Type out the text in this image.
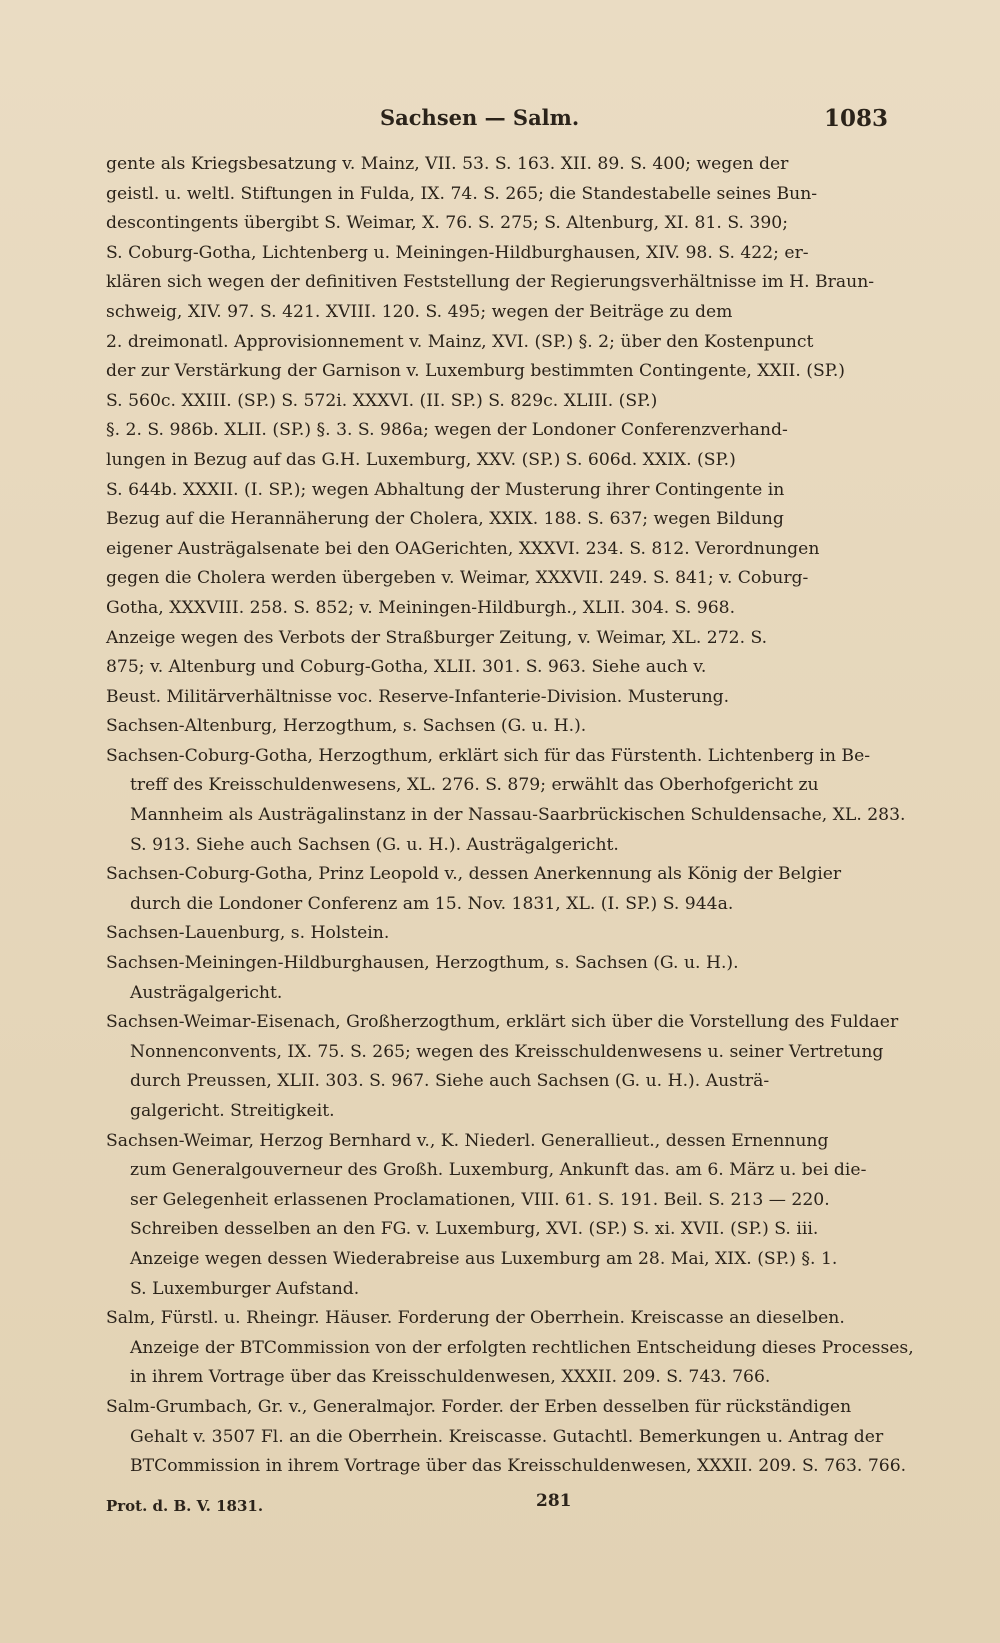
Sachsen — Salm.	1083
gente als Kriegsbesatzung v. Mainz, VII. 53. S. 163. XII. 89. S. 400; wegen der
geistl. u. weltl. Stiftungen in Fulda, IX. 74. S. 265; die Standestabelle seines Bun-
descontingents übergibt S. Weimar, X. 76. S. 275; S. Altenburg, XI. 81. S. 390;
S. Coburg-Gotha, Lichtenberg u. Meiningen-Hildburghausen, XIV. 98. S. 422; er-
klären sich wegen der definitiven Feststellung der Regierungsverhältnisse im H. Braun-
schweig, XIV. 97. S. 421. XVIII. 120. S. 495; wegen der Beiträge zu dem
2. dreimonatl. Approvisionnement v. Mainz, XVI. (SP.) §. 2; über den Kostenpunct
der zur Verstärkung der Garnison v. Luxemburg bestimmten Contingente, XXII. (SP.)
S. 560c. XXIII. (SP.) S. 572i. XXXVI. (II. SP.) S. 829c. XLIII. (SP.)
§. 2. S. 986b. XLII. (SP.) §. 3. S. 986a; wegen der Londoner Conferenzverhand-
lungen in Bezug auf das G.H. Luxemburg, XXV. (SP.) S. 606d. XXIX. (SP.)
S. 644b. XXXII. (I. SP.); wegen Abhaltung der Musterung ihrer Contingente in
Bezug auf die Herannäherung der Cholera, XXIX. 188. S. 637; wegen Bildung
eigener Austrägalsenate bei den OAGerichten, XXXVI. 234. S. 812. Verordnungen
gegen die Cholera werden übergeben v. Weimar, XXXVII. 249. S. 841; v. Coburg-
Gotha, XXXVIII. 258. S. 852; v. Meiningen-Hildburgh., XLII. 304. S. 968.
Anzeige wegen des Verbots der Straßburger Zeitung, v. Weimar, XL. 272. S.
875; v. Altenburg und Coburg-Gotha, XLII. 301. S. 963. Siehe auch v.
Beust. Militärverhältnisse voc. Reserve-Infanterie-Division. Musterung.
Sachsen-Altenburg, Herzogthum, s. Sachsen (G. u. H.).
Sachsen-Coburg-Gotha, Herzogthum, erklärt sich für das Fürstenth. Lichtenberg in Be-
treff des Kreisschuldenwesens, XL. 276. S. 879; erwählt das Oberhofgericht zu
Mannheim als Austrägalinstanz in der Nassau-Saarbrückischen Schuldensache, XL. 283.
S. 913. Siehe auch Sachsen (G. u. H.). Austrägalgericht.
Sachsen-Coburg-Gotha, Prinz Leopold v., dessen Anerkennung als König der Belgier
durch die Londoner Conferenz am 15. Nov. 1831, XL. (I. SP.) S. 944a.
Sachsen-Lauenburg, s. Holstein.
Sachsen-Meiningen-Hildburghausen, Herzogthum, s. Sachsen (G. u. H.).
Austrägalgericht.
Sachsen-Weimar-Eisenach, Großherzogthum, erklärt sich über die Vorstellung des Fuldaer
Nonnenconvents, IX. 75. S. 265; wegen des Kreisschuldenwesens u. seiner Vertretung
durch Preussen, XLII. 303. S. 967. Siehe auch Sachsen (G. u. H.). Austrä-
galgericht. Streitigkeit.
Sachsen-Weimar, Herzog Bernhard v., K. Niederl. Generallieut., dessen Ernennung
zum Generalgouverneur des Großh. Luxemburg, Ankunft das. am 6. März u. bei die-
ser Gelegenheit erlassenen Proclamationen, VIII. 61. S. 191. Beil. S. 213 — 220.
Schreiben desselben an den FG. v. Luxemburg, XVI. (SP.) S. xi. XVII. (SP.) S. iii.
Anzeige wegen dessen Wiederabreise aus Luxemburg am 28. Mai, XIX. (SP.) §. 1.
S. Luxemburger Aufstand.
Salm, Fürstl. u. Rheingr. Häuser. Forderung der Oberrhein. Kreiscasse an dieselben.
Anzeige der BTCommission von der erfolgten rechtlichen Entscheidung dieses Processes,
in ihrem Vortrage über das Kreisschuldenwesen, XXXII. 209. S. 743. 766.
Salm-Grumbach, Gr. v., Generalmajor. Forder. der Erben desselben für rückständigen
Gehalt v. 3507 Fl. an die Oberrhein. Kreiscasse. Gutachtl. Bemerkungen u. Antrag der
BTCommission in ihrem Vortrage über das Kreisschuldenwesen, XXXII. 209. S. 763. 766.
Prot. d. B. V. 1831.	281
